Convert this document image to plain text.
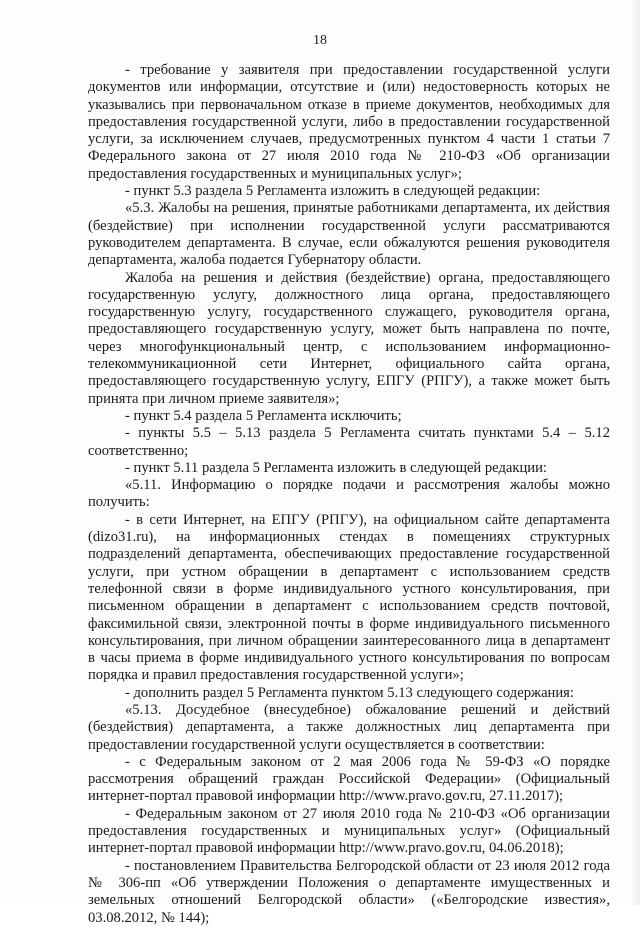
18

- требование у заявителя при предоставлении государственной услуги документов или информации, отсутствие и (или) недостоверность которых не указывались при первоначальном отказе в приеме документов, необходимых для предоставления государственной услуги, либо в предоставлении государственной услуги, за исключением случаев, предусмотренных пунктом 4 части 1 статьи 7 Федерального закона от 27 июля 2010 года № 210-ФЗ «Об организации предоставления государственных и муниципальных услуг»;

- пункт 5.3 раздела 5 Регламента изложить в следующей редакции:

«5.3. Жалобы на решения, принятые работниками департамента, их действия (бездействие) при исполнении государственной услуги рассматриваются руководителем департамента. В случае, если обжалуются решения руководителя департамента, жалоба подается Губернатору области.

Жалоба на решения и действия (бездействие) органа, предоставляющего государственную услугу, должностного лица органа, предоставляющего государственную услугу, государственного служащего, руководителя органа, предоставляющего государственную услугу, может быть направлена по почте, через многофункциональный центр, с использованием информационно-телекоммуникационной сети Интернет, официального сайта органа, предоставляющего государственную услугу, ЕПГУ (РПГУ), а также может быть принята при личном приеме заявителя»;

- пункт 5.4 раздела 5 Регламента исключить;

- пункты 5.5 – 5.13 раздела 5 Регламента считать пунктами 5.4 – 5.12 соответственно;

- пункт 5.11 раздела 5 Регламента изложить в следующей редакции:

«5.11. Информацию о порядке подачи и рассмотрения жалобы можно получить:

- в сети Интернет, на ЕПГУ (РПГУ), на официальном сайте департамента (dizo31.ru), на информационных стендах в помещениях структурных подразделений департамента, обеспечивающих предоставление государственной услуги, при устном обращении в департамент с использованием средств телефонной связи в форме индивидуального устного консультирования, при письменном обращении в департамент с использованием средств почтовой, факсимильной связи, электронной почты в форме индивидуального письменного консультирования, при личном обращении заинтересованного лица в департамент в часы приема в форме индивидуального устного консультирования по вопросам порядка и правил предоставления государственной услуги»;

- дополнить раздел 5 Регламента пунктом 5.13 следующего содержания:

«5.13. Досудебное (внесудебное) обжалование решений и действий (бездействия) департамента, а также должностных лиц департамента при предоставлении государственной услуги осуществляется в соответствии:

- с Федеральным законом от 2 мая 2006 года № 59-ФЗ «О порядке рассмотрения обращений граждан Российской Федерации» (Официальный интернет-портал правовой информации http://www.pravo.gov.ru, 27.11.2017);

- Федеральным законом от 27 июля 2010 года № 210-ФЗ «Об организации предоставления государственных и муниципальных услуг» (Официальный интернет-портал правовой информации http://www.pravo.gov.ru, 04.06.2018);

- постановлением Правительства Белгородской области от 23 июля 2012 года № 306-пп «Об утверждении Положения о департаменте имущественных и земельных отношений Белгородской области» («Белгородские известия», 03.08.2012, № 144);
